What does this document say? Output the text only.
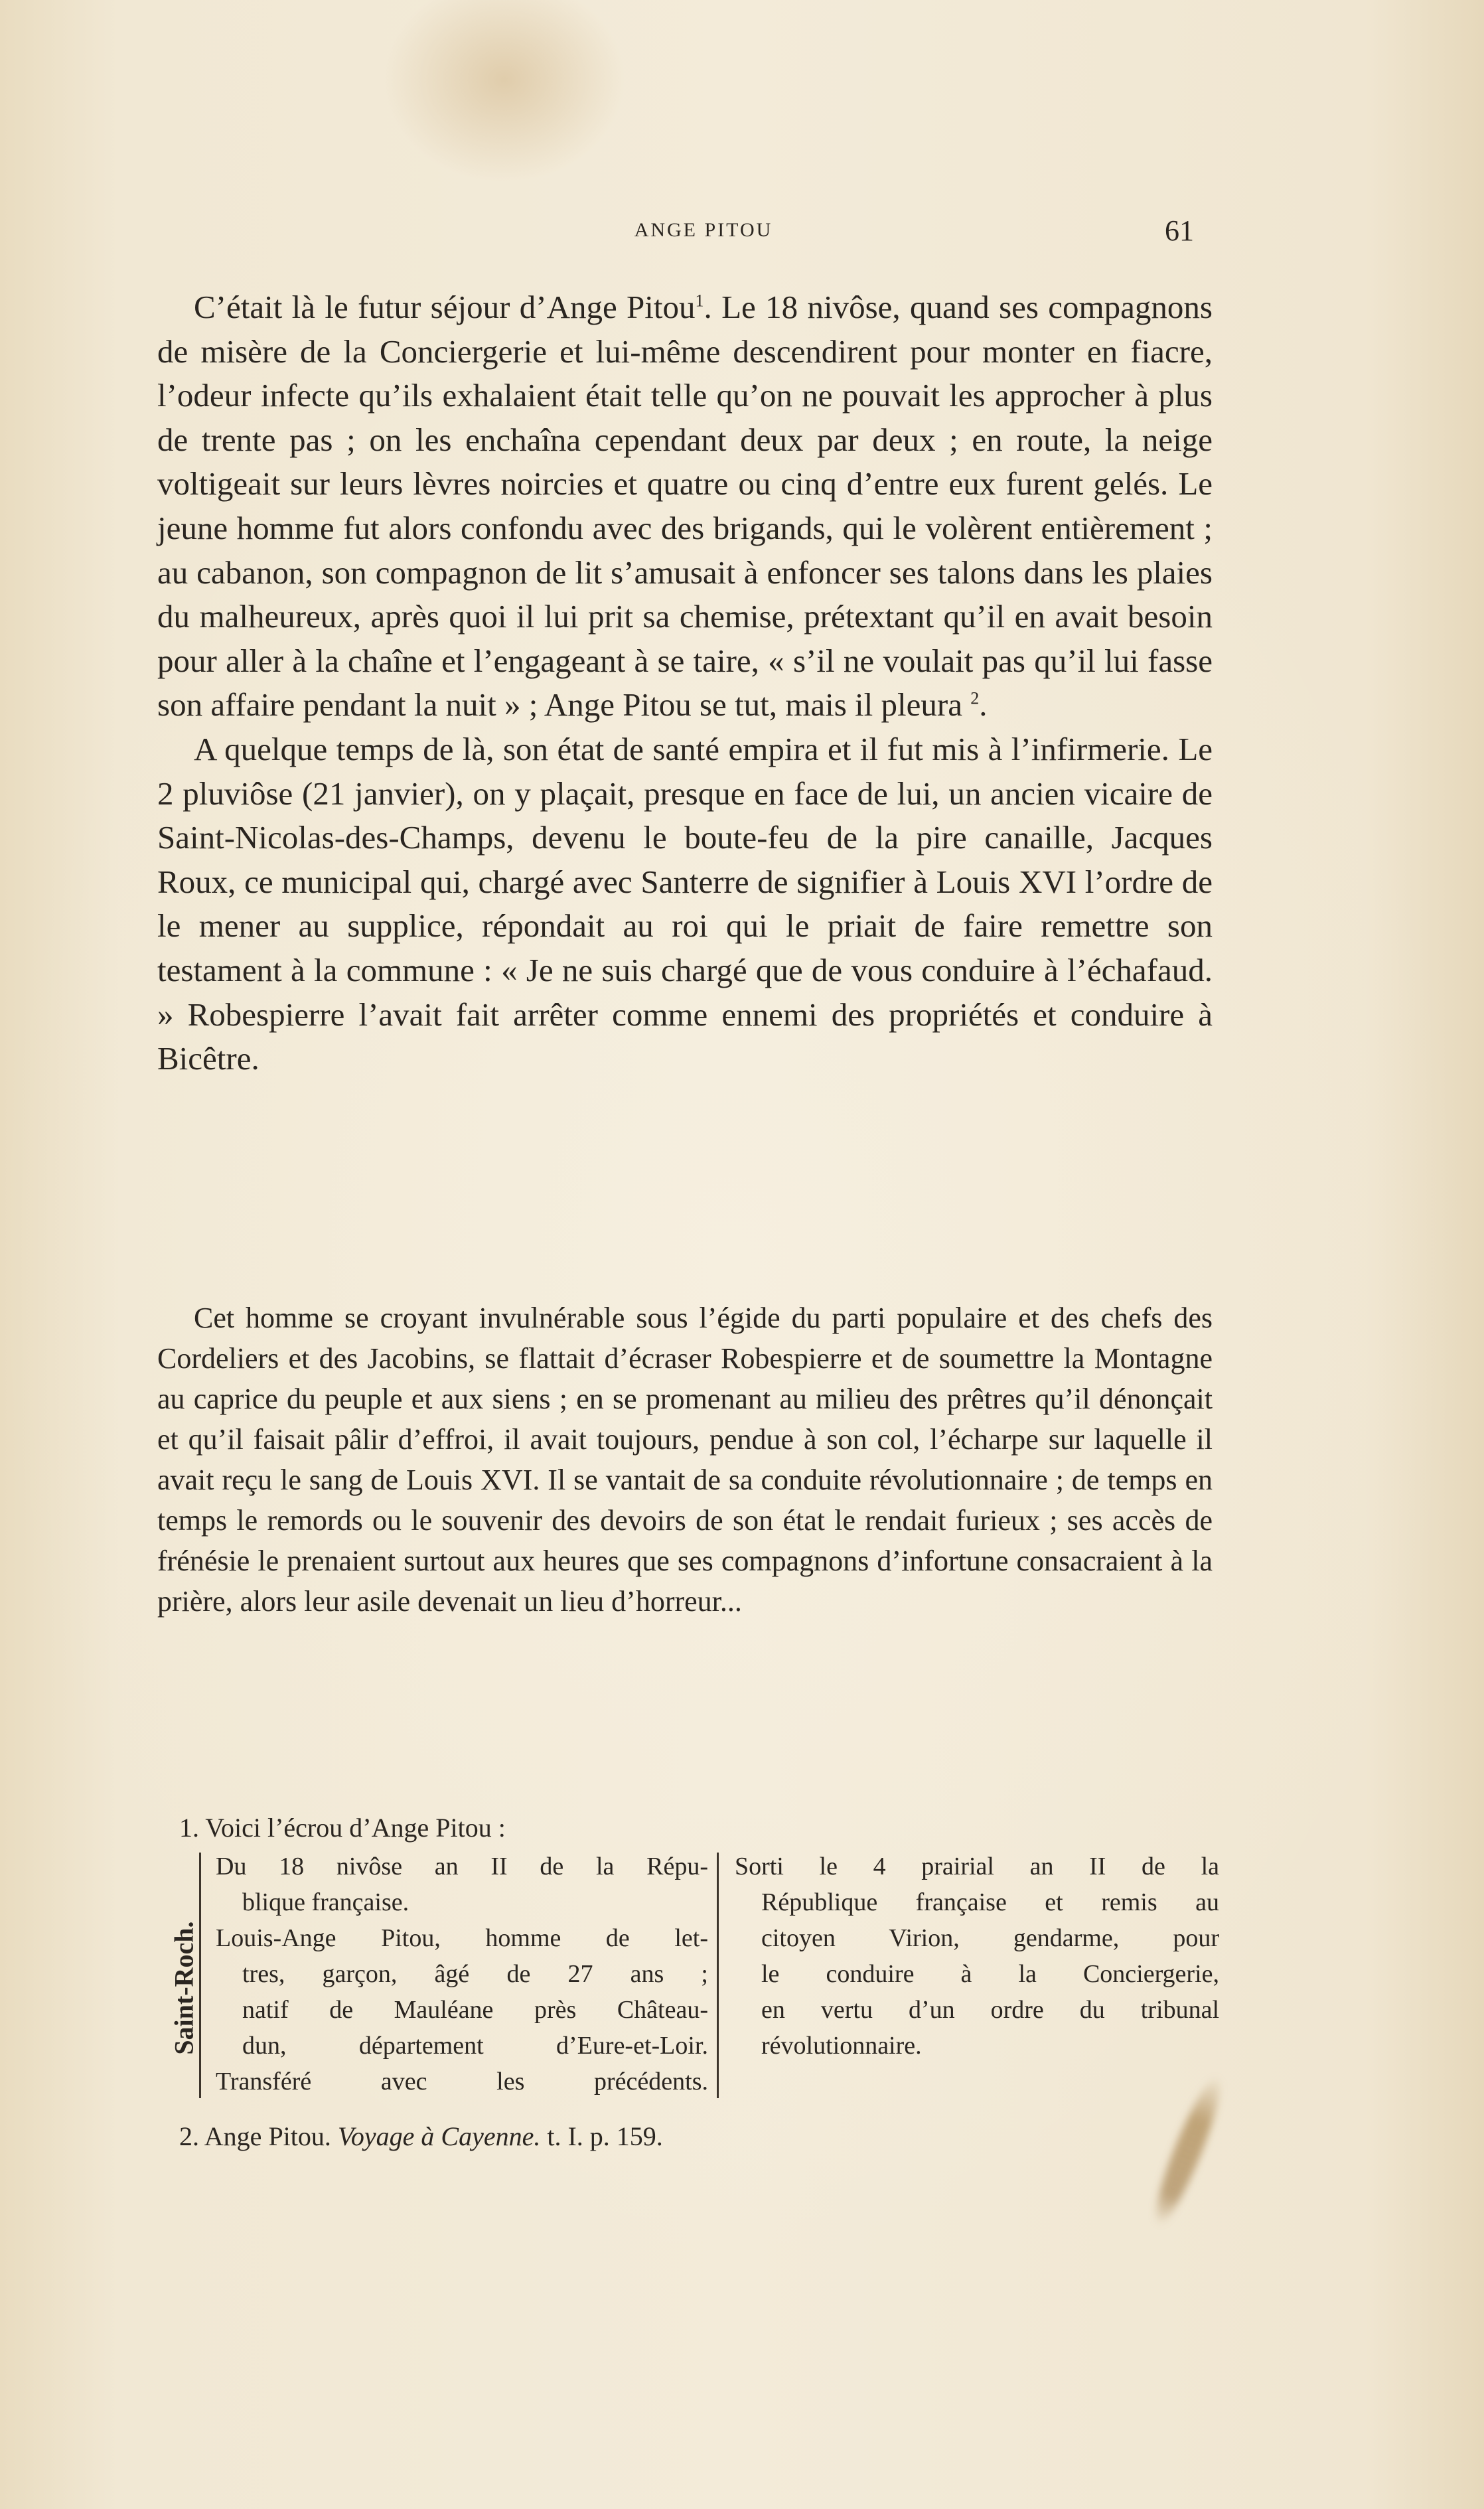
ANGE PITOU	61

C’était là le futur séjour d’Ange Pitou$^1$. Le 18 nivôse, quand ses compagnons de misère de la Conciergerie et lui-même descendirent pour monter en fiacre, l’odeur infecte qu’ils exhalaient était telle qu’on ne pouvait les approcher à plus de trente pas ; on les enchaîna cependant deux par deux ; en route, la neige voltigeait sur leurs lèvres noircies et quatre ou cinq d’entre eux furent gelés. Le jeune homme fut alors confondu avec des brigands, qui le volèrent entièrement ; au cabanon, son compagnon de lit s’amusait à enfoncer ses talons dans les plaies du malheureux, après quoi il lui prit sa chemise, prétextant qu’il en avait besoin pour aller à la chaîne et l’engageant à se taire, « s’il ne voulait pas qu’il lui fasse son affaire pendant la nuit » ; Ange Pitou se tut, mais il pleura $^2$.

A quelque temps de là, son état de santé empira et il fut mis à l’infirmerie. Le 2 pluviôse (21 janvier), on y plaçait, presque en face de lui, un ancien vicaire de Saint-Nicolas-des-Champs, devenu le boute-feu de la pire canaille, Jacques Roux, ce municipal qui, chargé avec Santerre de signifier à Louis XVI l’ordre de le mener au supplice, répondait au roi qui le priait de faire remettre son testament à la commune : « Je ne suis chargé que de vous conduire à l’échafaud. » Robespierre l’avait fait arrêter comme ennemi des propriétés et conduire à Bicêtre.

Cet homme se croyant invulnérable sous l’égide du parti populaire et des chefs des Cordeliers et des Jacobins, se flattait d’écraser Robespierre et de soumettre la Montagne au caprice du peuple et aux siens ; en se promenant au milieu des prêtres qu’il dénonçait et qu’il faisait pâlir d’effroi, il avait toujours, pendue à son col, l’écharpe sur laquelle il avait reçu le sang de Louis XVI. Il se vantait de sa conduite révolutionnaire ; de temps en temps le remords ou le souvenir des devoirs de son état le rendait furieux ; ses accès de frénésie le prenaient surtout aux heures que ses compagnons d’infortune consacraient à la prière, alors leur asile devenait un lieu d’horreur...

1. Voici l’écrou d’Ange Pitou :
Saint-Roch.
Du 18 nivôse an II de la Répu-
blique française.
Louis-Ange Pitou, homme de let-
tres, garçon, âgé de 27 ans ;
natif de Mauléane près Château-
dun, département d’Eure-et-Loir.
Transféré avec les précédents.
Sorti le 4 prairial an II de la
République française et remis au
citoyen Virion, gendarme, pour
le conduire à la Conciergerie,
en vertu d’un ordre du tribunal
révolutionnaire.
2. Ange Pitou. Voyage à Cayenne. t. I. p. 159.
